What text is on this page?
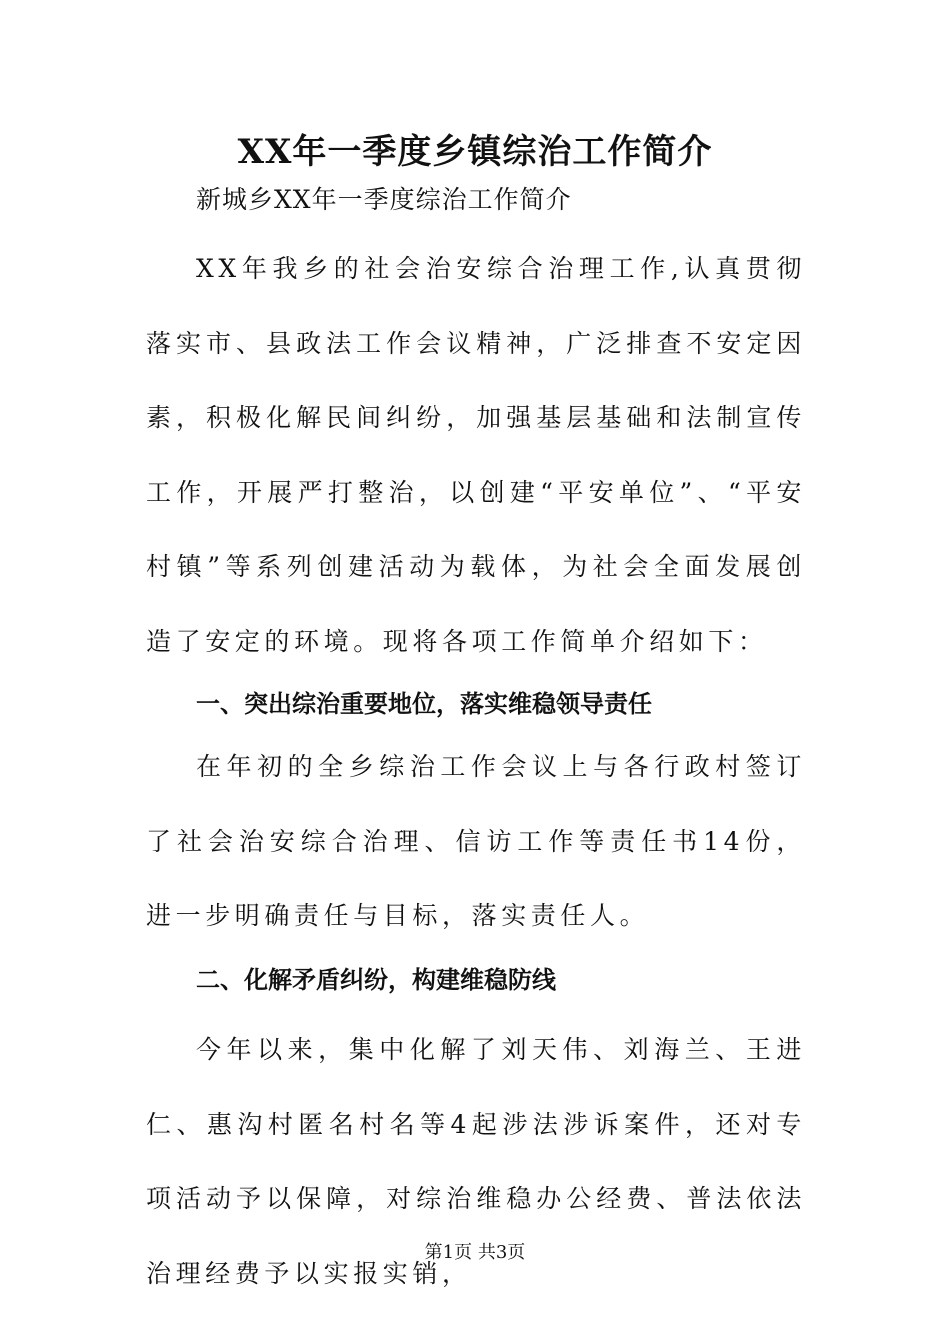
XX年一季度乡镇综治工作简介
新城乡XX年一季度综治工作简介

XX年我乡的社会治安综合治理工作,认真贯彻落实市、县政法工作会议精神，广泛排查不安定因素，积极化解民间纠纷，加强基层基础和法制宣传工作，开展严打整治，以创建“平安单位”、“平安村镇”等系列创建活动为载体，为社会全面发展创造了安定的环境。现将各项工作简单介绍如下：

一、突出综治重要地位，落实维稳领导责任

在年初的全乡综治工作会议上与各行政村签订了社会治安综合治理、信访工作等责任书14份，进一步明确责任与目标，落实责任人。

二、化解矛盾纠纷，构建维稳防线

今年以来，集中化解了刘天伟、刘海兰、王进仁、惠沟村匿名村名等4起涉法涉诉案件，还对专项活动予以保障，对综治维稳办公经费、普法依法治理经费予以实报实销，

第1页 共3页
